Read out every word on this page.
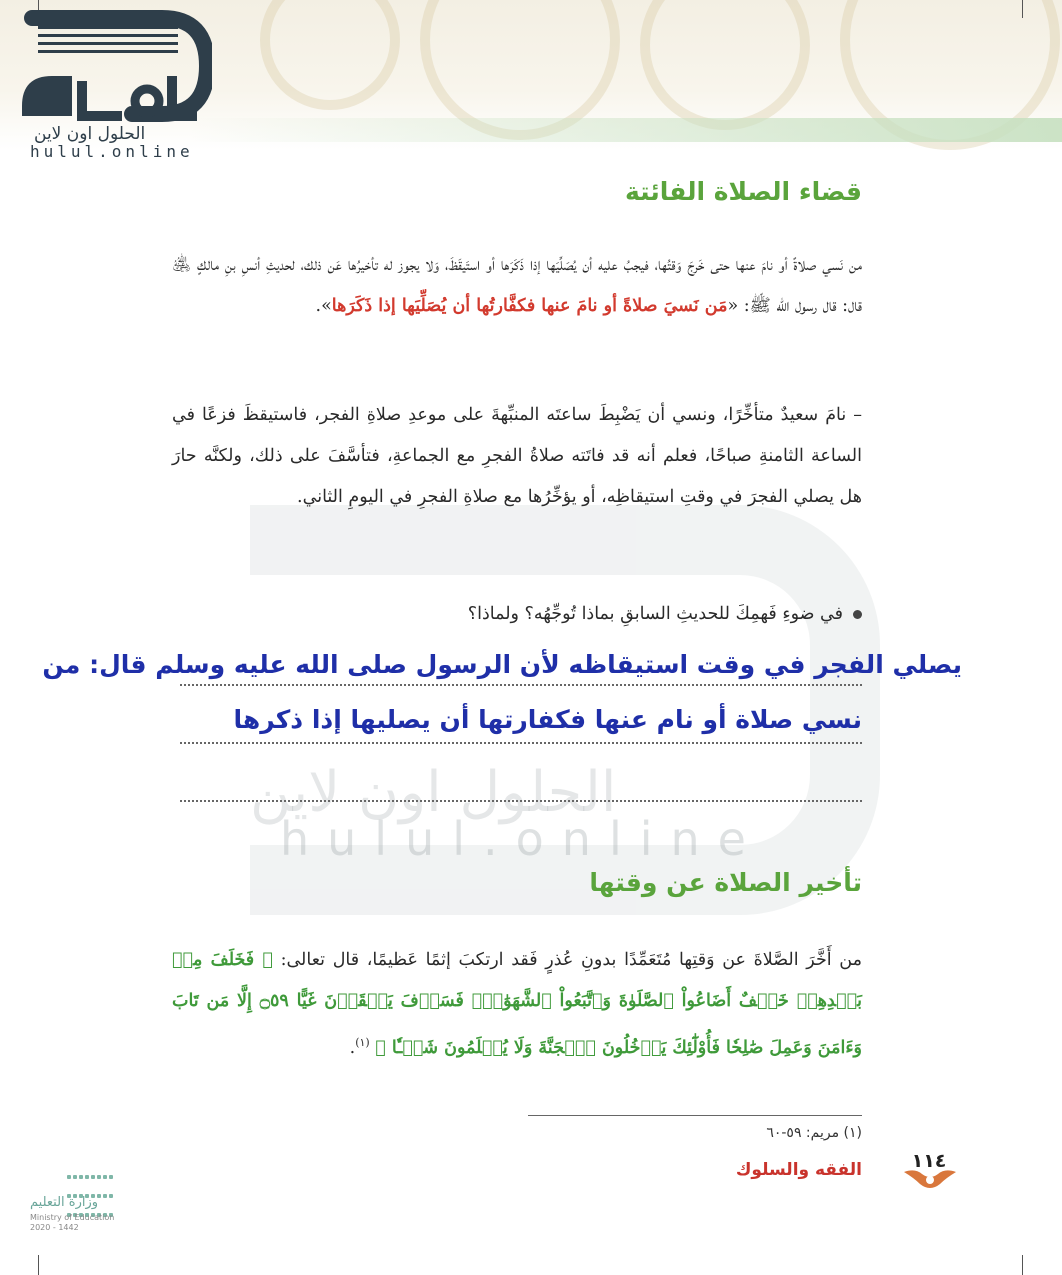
الحلول اون لاين
hulul.online
الحلول اون لاين
hulul.online
قضاء الصلاة الفائتة
من نَسي صلاةً أو نامَ عنها حتى خَرجَ وَقتُها، فيجبُ عليه أن يُصَلِّيَها إذا ذَكَرَها أو استَيقَظَ، وَلا يجوز له تأخيرُها عَن ذلك، لحديثِ أنسِ بنِ مالكٍ ﵁ قال: قال رسول الله ﷺ: «مَن نَسيَ صلاةً أو نامَ عنها فكفَّارتُها أن يُصَلِّيَها إذا ذَكَرَها».
– نامَ سعيدٌ متأخِّرًا، ونسي أن يَضْبِطَ ساعتَه المنبِّهةَ على موعدِ صلاةِ الفجر، فاستيقظَ فزعًا في الساعة الثامنةِ صباحًا، فعلم أنه قد فاتَته صلاةُ الفجرِ مع الجماعةِ، فتأسَّفَ على ذلك، ولكنَّه حارَ هل يصلي الفجرَ في وقتِ استيقاظِه، أو يؤخِّرُها مع صلاةِ الفجرِ في اليومِ الثاني.
في ضوءِ فَهمِكَ للحديثِ السابقِ بماذا تُوجِّهُه؟ ولماذا؟
يصلي الفجر في وقت استيقاظه لأن الرسول صلى الله عليه وسلم قال: من
نسي صلاة أو نام عنها فكفارتها أن يصليها إذا ذكرها
تأخير الصلاة عن وقتها
من أَخَّرَ الصَّلاةَ عن وَقتِها مُتَعَمِّدًا بدونِ عُذرٍ فَقد ارتكبَ إثمًا عَظيمًا، قال تعالى: ﴿ فَخَلَفَ مِنۢ بَعۡدِهِمۡ خَلۡفٌ أَضَاعُواْ ٱلصَّلَوٰةَ وَٱتَّبَعُواْ ٱلشَّهَوَٰتِۖ فَسَوۡفَ يَلۡقَوۡنَ غَيًّا ۝٥٩ إِلَّا مَن تَابَ وَءَامَنَ وَعَمِلَ صَٰلِحٗا فَأُوْلَٰٓئِكَ يَدۡخُلُونَ ٱلۡجَنَّةَ وَلَا يُظۡلَمُونَ شَيۡـٔٗا ﴾ $^{(١)}$.
(١) مريم: ٥٩-٦٠
١١٤
الفقه والسلوك

وزارة التعليم
Ministry of Education
2020 - 1442
